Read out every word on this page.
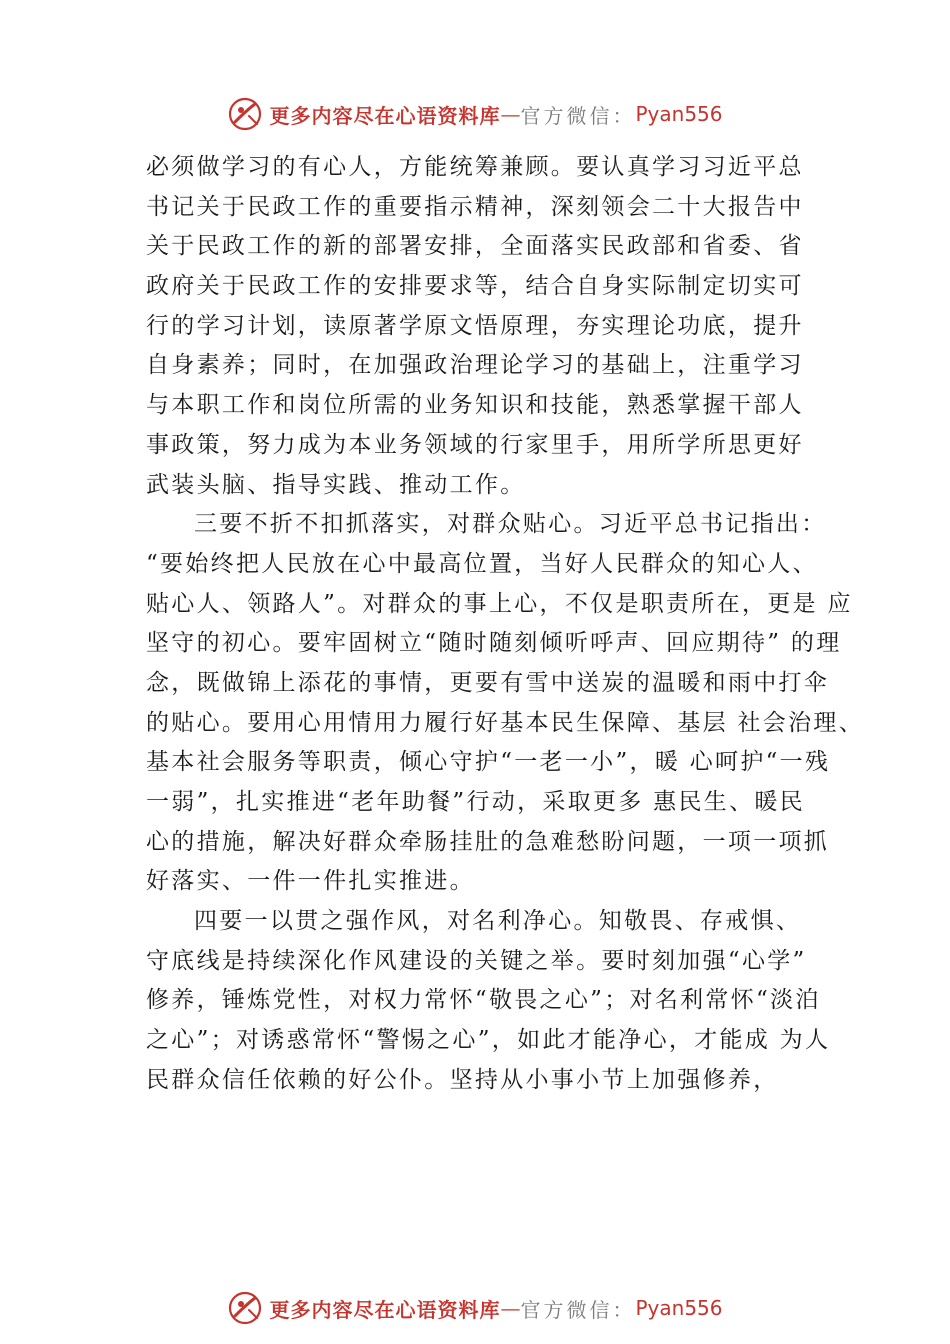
更多内容尽在心语资料库 — 官方微信： Pyan556
必须做学习的有心人，方能统筹兼顾。要认真学习习近平总
书记关于民政工作的重要指示精神，深刻领会二十大报告中
关于民政工作的新的部署安排，全面落实民政部和省委、省
政府关于民政工作的安排要求等，结合自身实际制定切实可
行的学习计划，读原著学原文悟原理，夯实理论功底，提升
自身素养；同时，在加强政治理论学习的基础上，注重学习
与本职工作和岗位所需的业务知识和技能，熟悉掌握干部人
事政策，努力成为本业务领域的行家里手，用所学所思更好
武装头脑、指导实践、推动工作。
三要不折不扣抓落实，对群众贴心。习近平总书记指出：
“要始终把人民放在心中最高位置，当好人民群众的知心人、
贴心人、领路人”。对群众的事上心，不仅是职责所在，更是 应
坚守的初心。要牢固树立“随时随刻倾听呼声、回应期待” 的理
念，既做锦上添花的事情，更要有雪中送炭的温暖和雨中打伞
的贴心。要用心用情用力履行好基本民生保障、基层 社会治理、
基本社会服务等职责，倾心守护“一老一小”，暖 心呵护“一残
一弱”，扎实推进“老年助餐”行动，采取更多 惠民生、暖民
心的措施，解决好群众牵肠挂肚的急难愁盼问题，一项一项抓
好落实、一件一件扎实推进。
四要一以贯之强作风，对名利净心。知敬畏、存戒惧、
守底线是持续深化作风建设的关键之举。要时刻加强“心学”
修养，锤炼党性，对权力常怀“敬畏之心”；对名利常怀“淡泊
之心”；对诱惑常怀“警惕之心”，如此才能净心，才能成 为人
民群众信任依赖的好公仆。坚持从小事小节上加强修养，
更多内容尽在心语资料库 — 官方微信： Pyan556
